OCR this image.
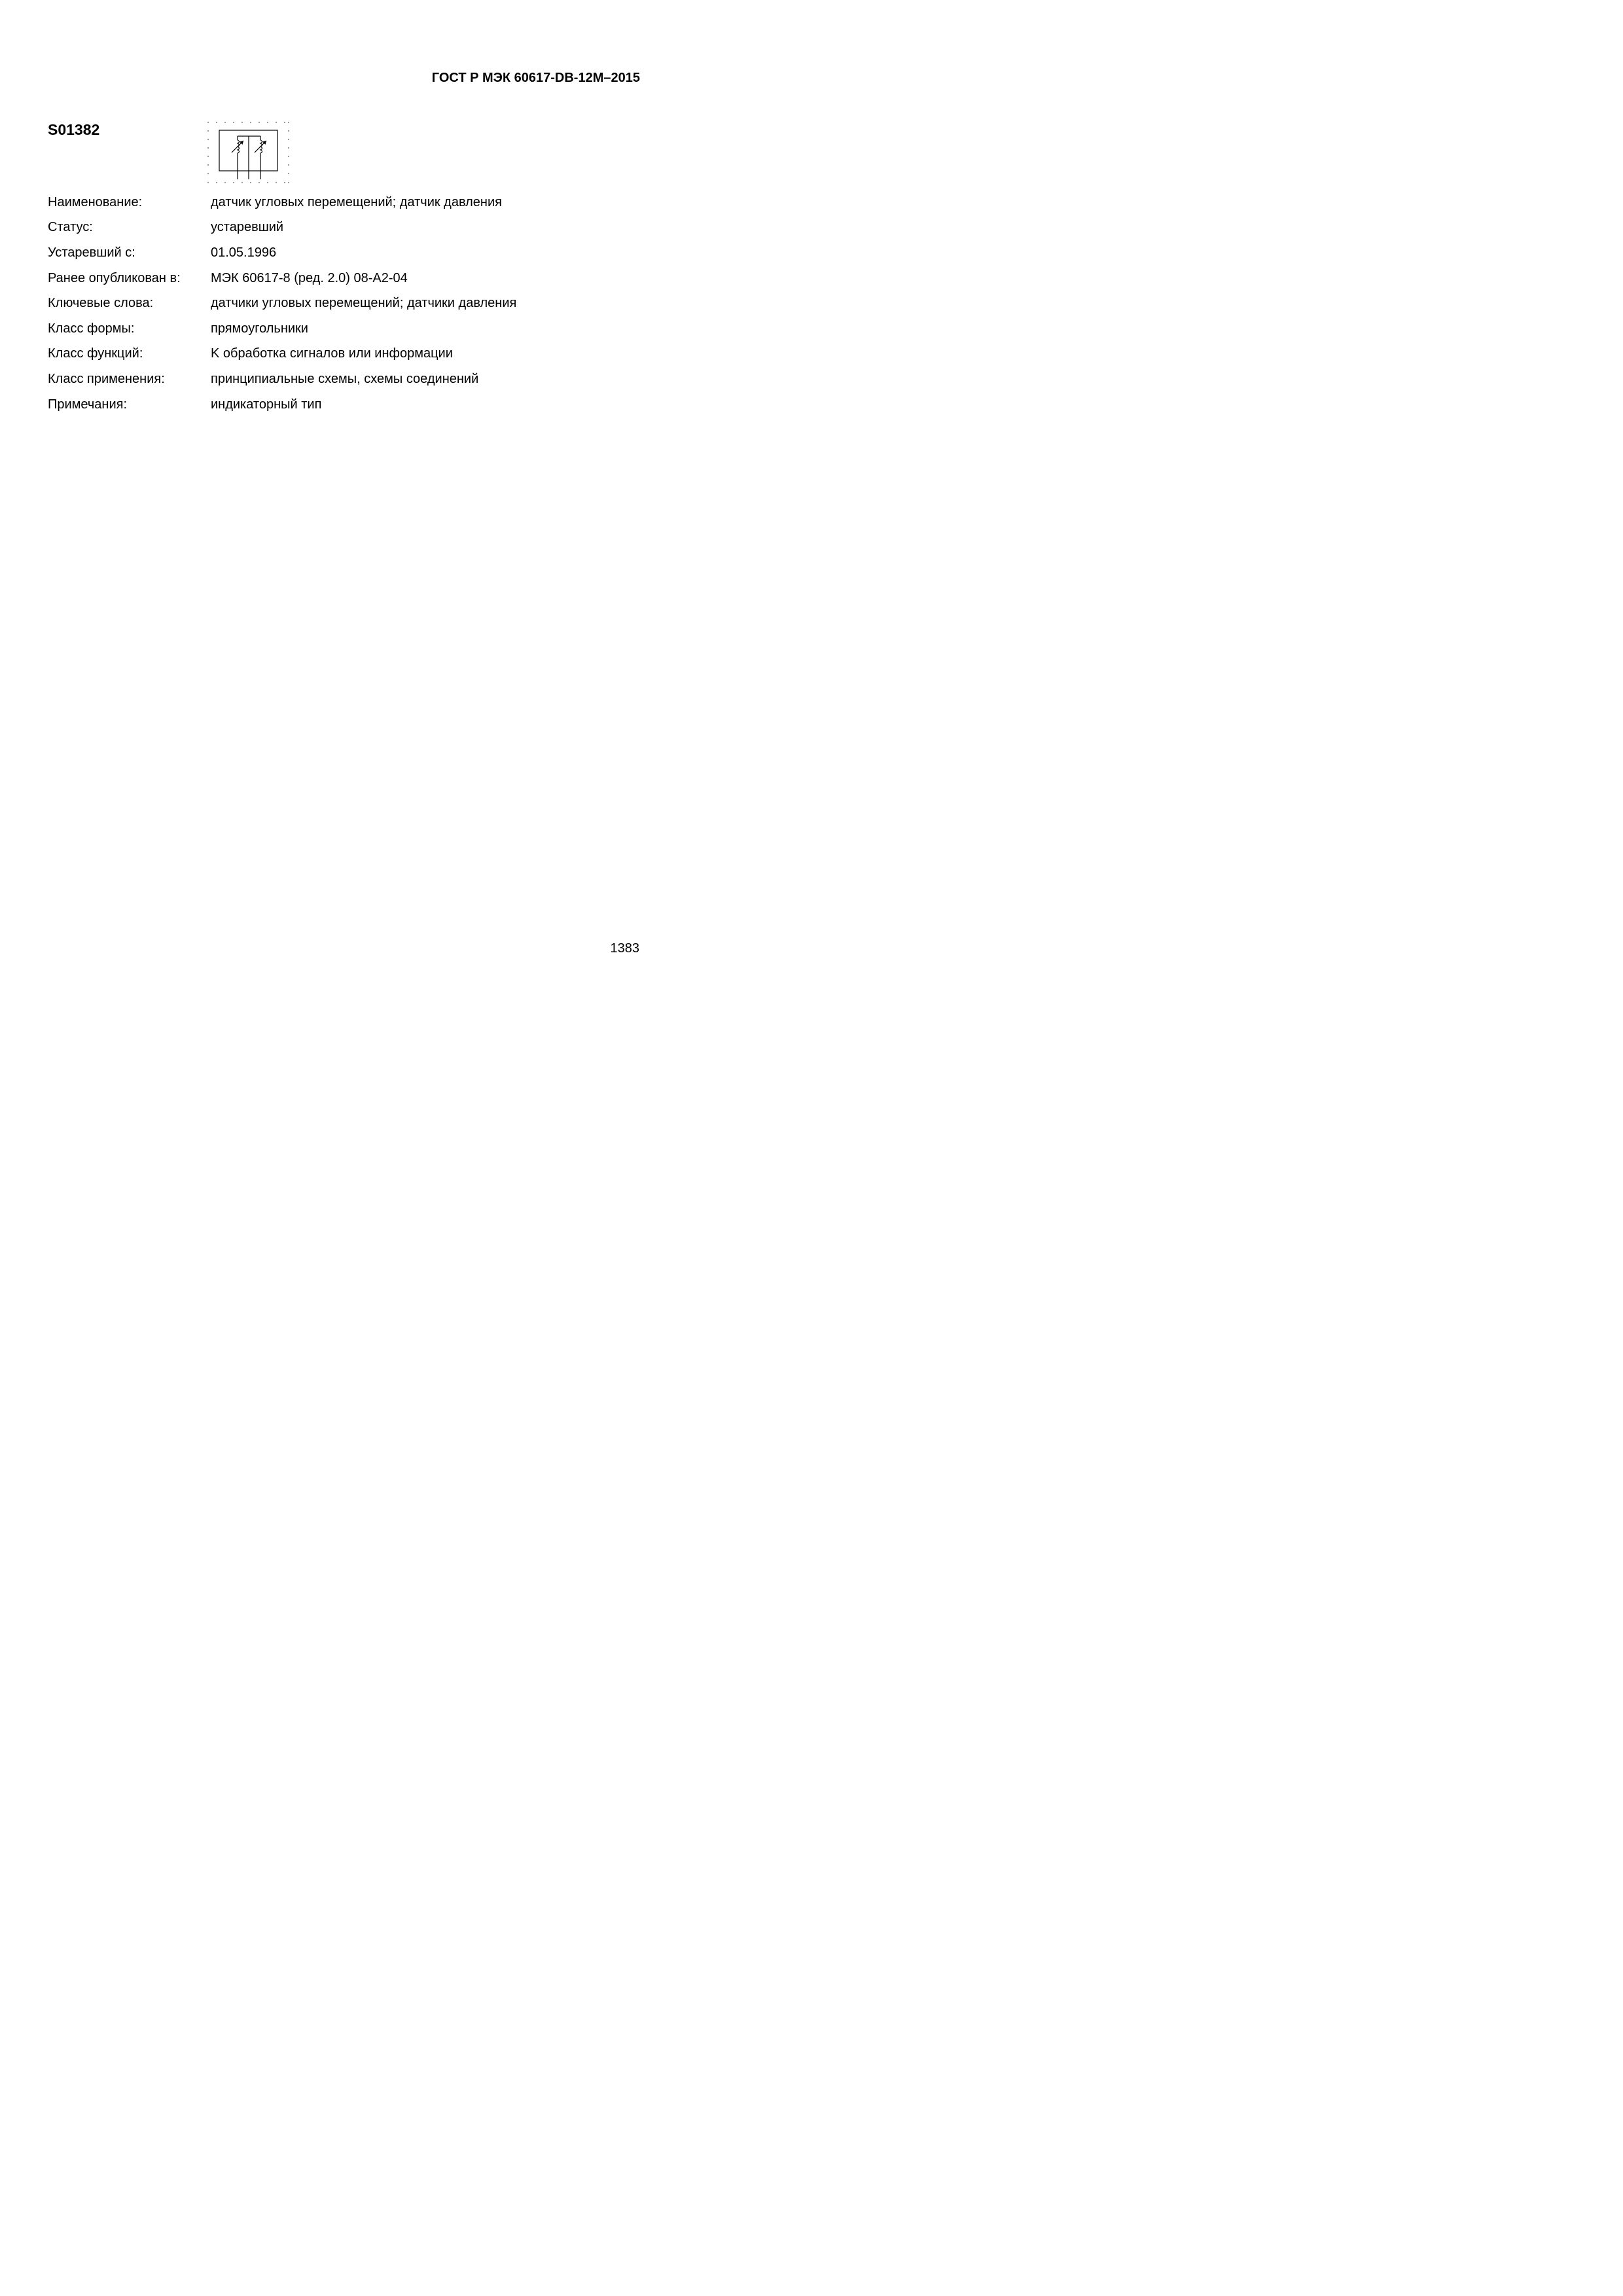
ГОСТ Р МЭК 60617-DB-12M–2015
S01382
Наименование:	датчик угловых перемещений; датчик давления
Статус:	устаревший
Устаревший с:	01.05.1996
Ранее опубликован в:	МЭК 60617-8 (ред. 2.0) 08-A2-04
Ключевые слова:	датчики угловых перемещений; датчики давления
Класс формы:	прямоугольники
Класс функций:	K обработка сигналов или информации
Класс применения:	принципиальные схемы, схемы соединений
Примечания:	индикаторный тип
1383
